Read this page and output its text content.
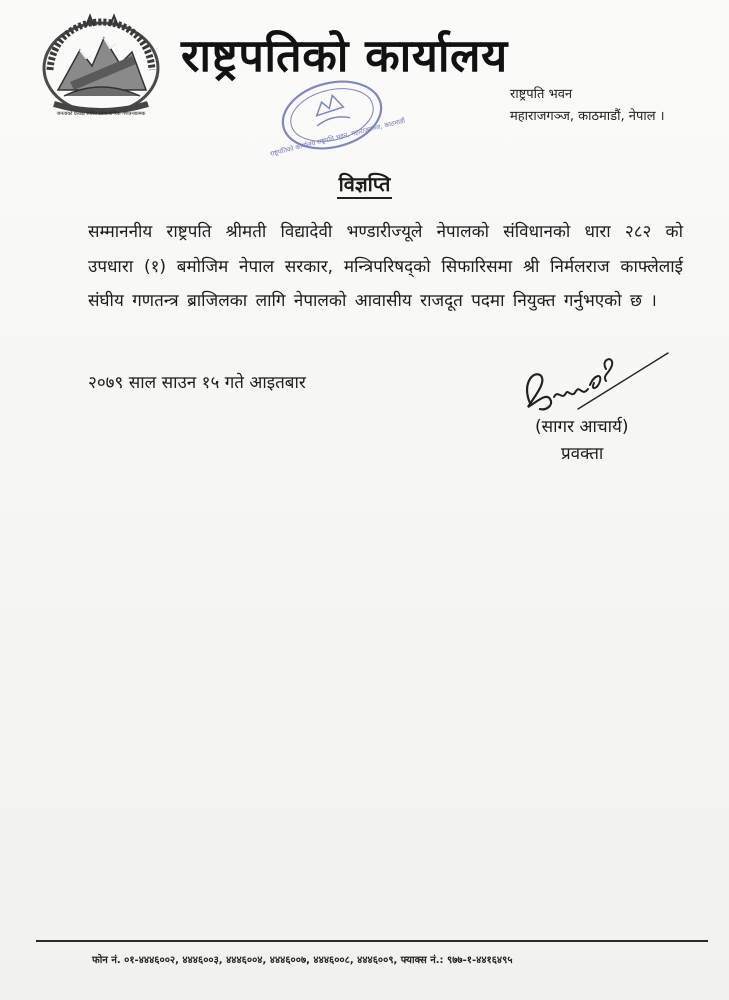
जनताको प्रत्यक्ष संघीय लोकतान्त्रिक गणतन्त्रात्मक
राष्ट्रपतिको कार्यालय
राष्ट्रपति भवन
महाराजगञ्ज, काठमाडौं, नेपाल ।
राष्ट्रपतिको कार्यालय राष्ट्रपति भवन, महाराजगञ्ज, काठमाडौं
विज्ञप्ति
सम्माननीय राष्ट्रपति श्रीमती विद्यादेवी भण्डारीज्यूले नेपालको संविधानको धारा २८२ को
उपधारा (१) बमोजिम नेपाल सरकार, मन्त्रिपरिषद्को सिफारिसमा श्री निर्मलराज काफ्लेलाई
संघीय गणतन्त्र ब्राजिलका लागि नेपालको आवासीय राजदूत पदमा नियुक्त गर्नुभएको छ ।
२०७९ साल साउन १५ गते आइतबार
(सागर आचार्य)
प्रवक्ता
फोन नं. ०१-४४४६००२, ४४४६००३, ४४४६००४, ४४४६००७, ४४४६००८, ४४४६००९, फ्याक्स नं.: ९७७-१-४४१६४९५
